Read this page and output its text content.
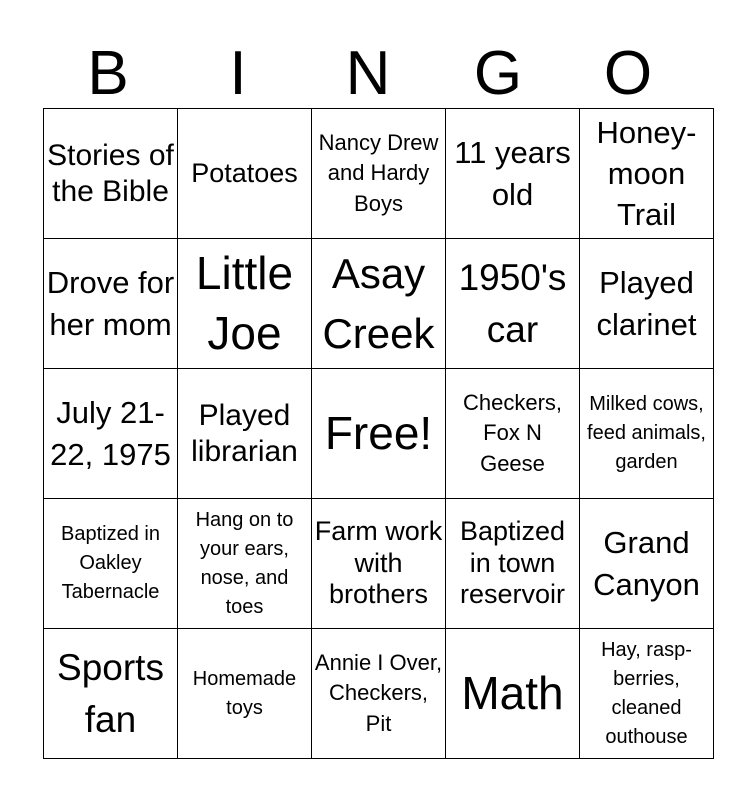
B	I	N	G	O
Stories of the Bible	Potatoes	Nancy Drew and Hardy Boys	11 years old	Honey-moon Trail
Drove for her mom	Little Joe	Asay Creek	1950's car	Played clarinet
July 21-22, 1975	Played librarian	Free!	Checkers, Fox N Geese	Milked cows, feed animals, garden
Baptized in Oakley Tabernacle	Hang on to your ears, nose, and toes	Farm work with brothers	Baptized in town reservoir	Grand Canyon
Sports fan	Homemade toys	Annie I Over, Checkers, Pit	Math	Hay, rasp-berries, cleaned outhouse
